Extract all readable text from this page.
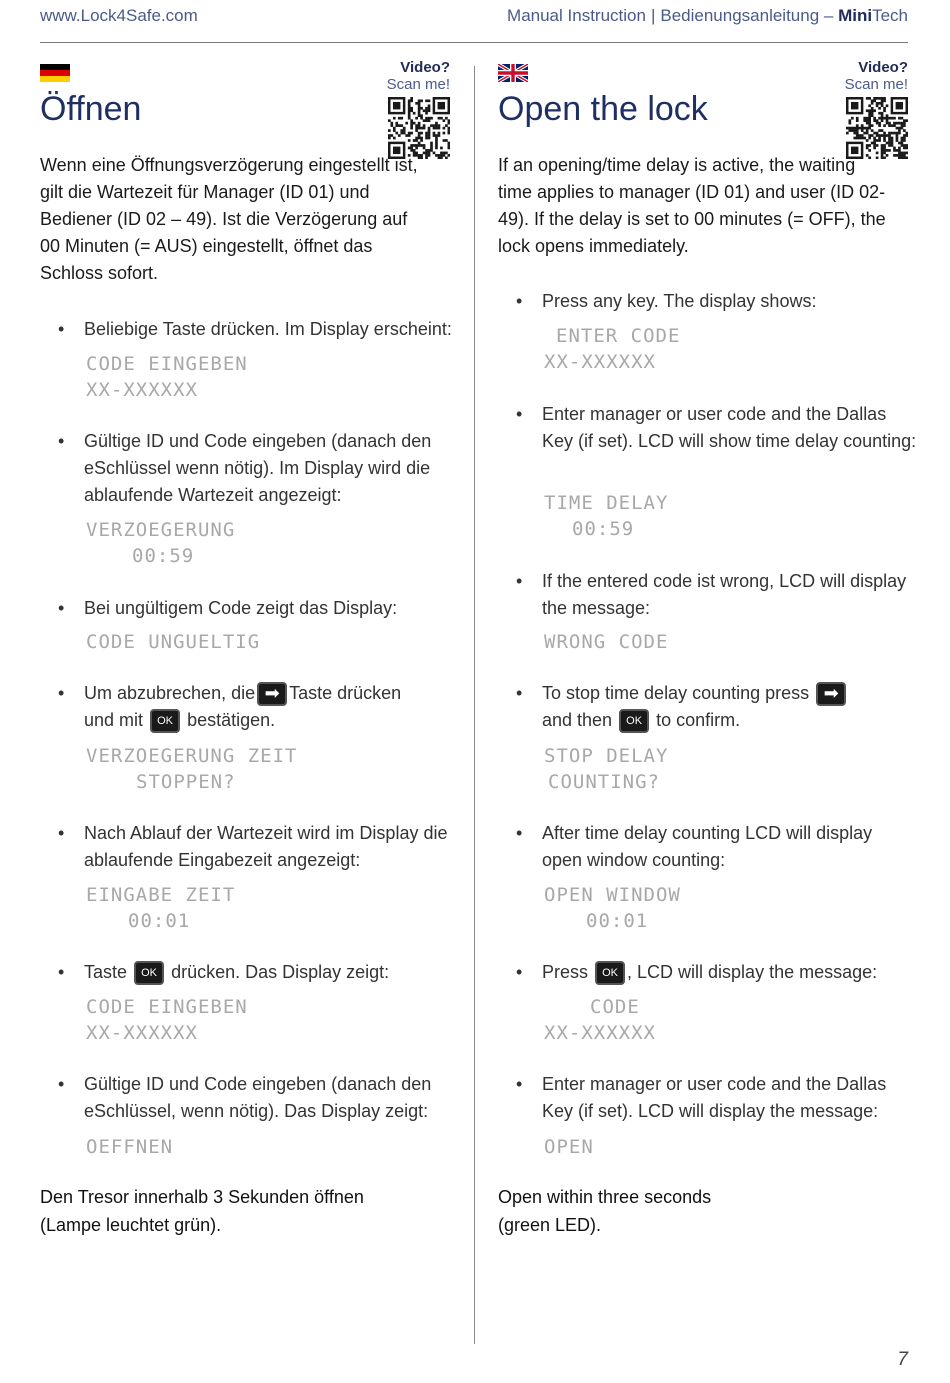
www.Lock4Safe.com	Manual Instruction | Bedienungsanleitung – MiniTech
Video?
Scan me!
Öffnen
Wenn eine Öffnungsverzögerung eingestellt ist, gilt die Wartezeit für Manager (ID 01) und Bediener (ID 02 – 49). Ist die Verzögerung auf 00 Minuten (= AUS) eingestellt, öffnet das Schloss sofort.
• Beliebige Taste drücken. Im Display erscheint:
CODE EINGEBEN
XX-XXXXXX
• Gültige ID und Code eingeben (danach den eSchlüssel wenn nötig). Im Display wird die ablaufende Wartezeit angezeigt:
VERZOEGERUNG
00:59
• Bei ungültigem Code zeigt das Display:
CODE UNGUELTIG
• Um abzubrechen, die ➡ Taste drücken
und mit OK bestätigen.
VERZOEGERUNG ZEIT
STOPPEN?
• Nach Ablauf der Wartezeit wird im Display die ablaufende Eingabezeit angezeigt:
EINGABE ZEIT
00:01
• Taste OK drücken. Das Display zeigt:
CODE EINGEBEN
XX-XXXXXX
• Gültige ID und Code eingeben (danach den eSchlüssel, wenn nötig). Das Display zeigt:
OEFFNEN
Den Tresor innerhalb 3 Sekunden öffnen
(Lampe leuchtet grün).
Video?
Scan me!
Open the lock
If an opening/time delay is active, the waiting time applies to manager (ID 01) and user (ID 02-49). If the delay is set to 00 minutes (= OFF), the lock opens immediately.
• Press any key. The display shows:
ENTER CODE
XX-XXXXXX
• Enter manager or user code and the Dallas Key (if set). LCD will show time delay counting:
TIME DELAY
00:59
• If the entered code ist wrong, LCD will display the message:
WRONG CODE
• To stop time delay counting press ➡
and then OK to confirm.
STOP DELAY
COUNTING?
• After time delay counting LCD will display open window counting:
OPEN WINDOW
00:01
• Press OK , LCD will display the message:
CODE
XX-XXXXXX
• Enter manager or user code and the Dallas Key (if set). LCD will display the message:
OPEN
Open within three seconds
(green LED).
7
